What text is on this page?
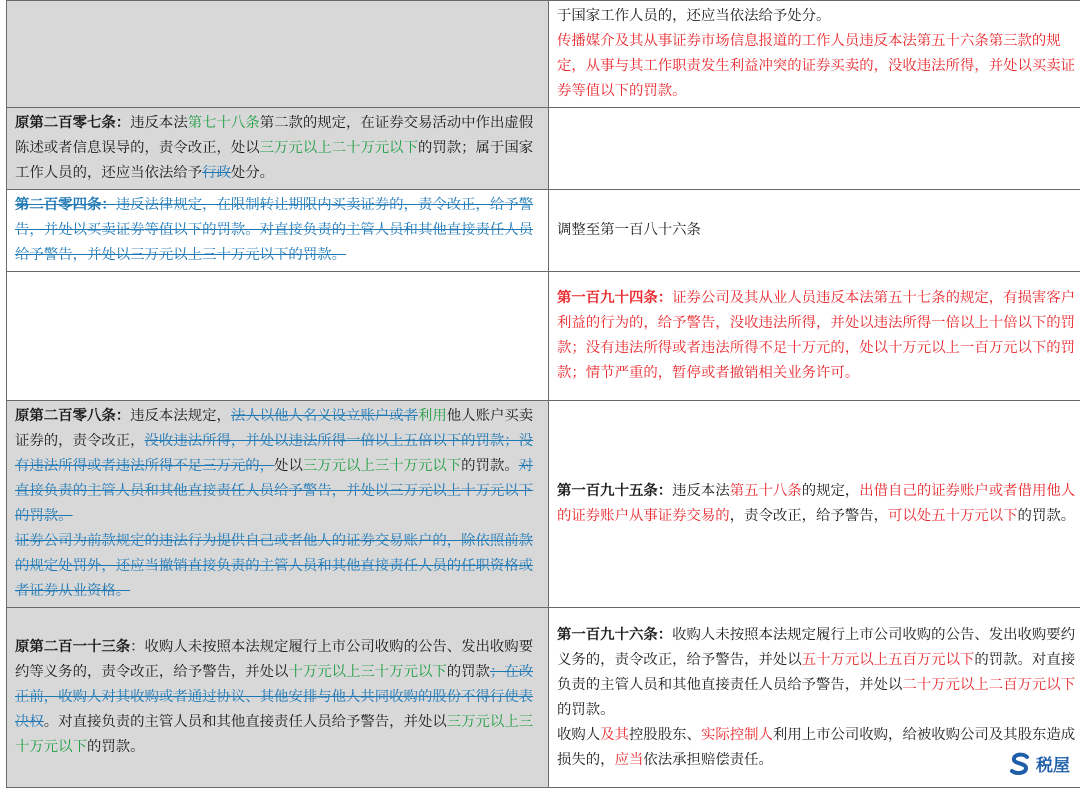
	于国家工作人员的，还应当依法给予处分。
传播媒介及其从事证券市场信息报道的工作人员违反本法第五十六条第三款的规定，从事与其工作职责发生利益冲突的证券买卖的，没收违法所得，并处以买卖证券等值以下的罚款。
原第二百零七条：违反本法第七十八条第二款的规定，在证券交易活动中作出虚假陈述或者信息误导的，责令改正，处以三万元以上二十万元以下的罚款；属于国家工作人员的，还应当依法给予行政处分。	
第二百零四条：违反法律规定，在限制转让期限内买卖证券的，责令改正，给予警告，并处以买卖证券等值以下的罚款。对直接负责的主管人员和其他直接责任人员给予警告，并处以三万元以上三十万元以下的罚款。	调整至第一百八十六条
	第一百九十四条：证券公司及其从业人员违反本法第五十七条的规定，有损害客户利益的行为的，给予警告，没收违法所得，并处以违法所得一倍以上十倍以下的罚款；没有违法所得或者违法所得不足十万元的，处以十万元以上一百万元以下的罚款；情节严重的，暂停或者撤销相关业务许可。
原第二百零八条：违反本法规定，法人以他人名义设立账户或者利用他人账户买卖证券的，责令改正，没收违法所得，并处以违法所得一倍以上五倍以下的罚款；没有违法所得或者违法所得不足三万元的，处以三万元以上三十万元以下的罚款。对直接负责的主管人员和其他直接责任人员给予警告，并处以三万元以上十万元以下的罚款。
证券公司为前款规定的违法行为提供自己或者他人的证券交易账户的，除依照前款的规定处罚外，还应当撤销直接负责的主管人员和其他直接责任人员的任职资格或者证券从业资格。	第一百九十五条：违反本法第五十八条的规定，出借自己的证券账户或者借用他人的证券账户从事证券交易的，责令改正，给予警告，可以处五十万元以下的罚款。
原第二百一十三条：收购人未按照本法规定履行上市公司收购的公告、发出收购要约等义务的，责令改正，给予警告，并处以十万元以上三十万元以下的罚款；在改正前，收购人对其收购或者通过协议、其他安排与他人共同收购的股份不得行使表决权。对直接负责的主管人员和其他直接责任人员给予警告，并处以三万元以上三十万元以下的罚款。	第一百九十六条：收购人未按照本法规定履行上市公司收购的公告、发出收购要约义务的，责令改正，给予警告，并处以五十万元以上五百万元以下的罚款。对直接负责的主管人员和其他直接责任人员给予警告，并处以二十万元以上二百万元以下的罚款。
收购人及其控股股东、实际控制人利用上市公司收购，给被收购公司及其股东造成损失的，应当依法承担赔偿责任。
税屋
